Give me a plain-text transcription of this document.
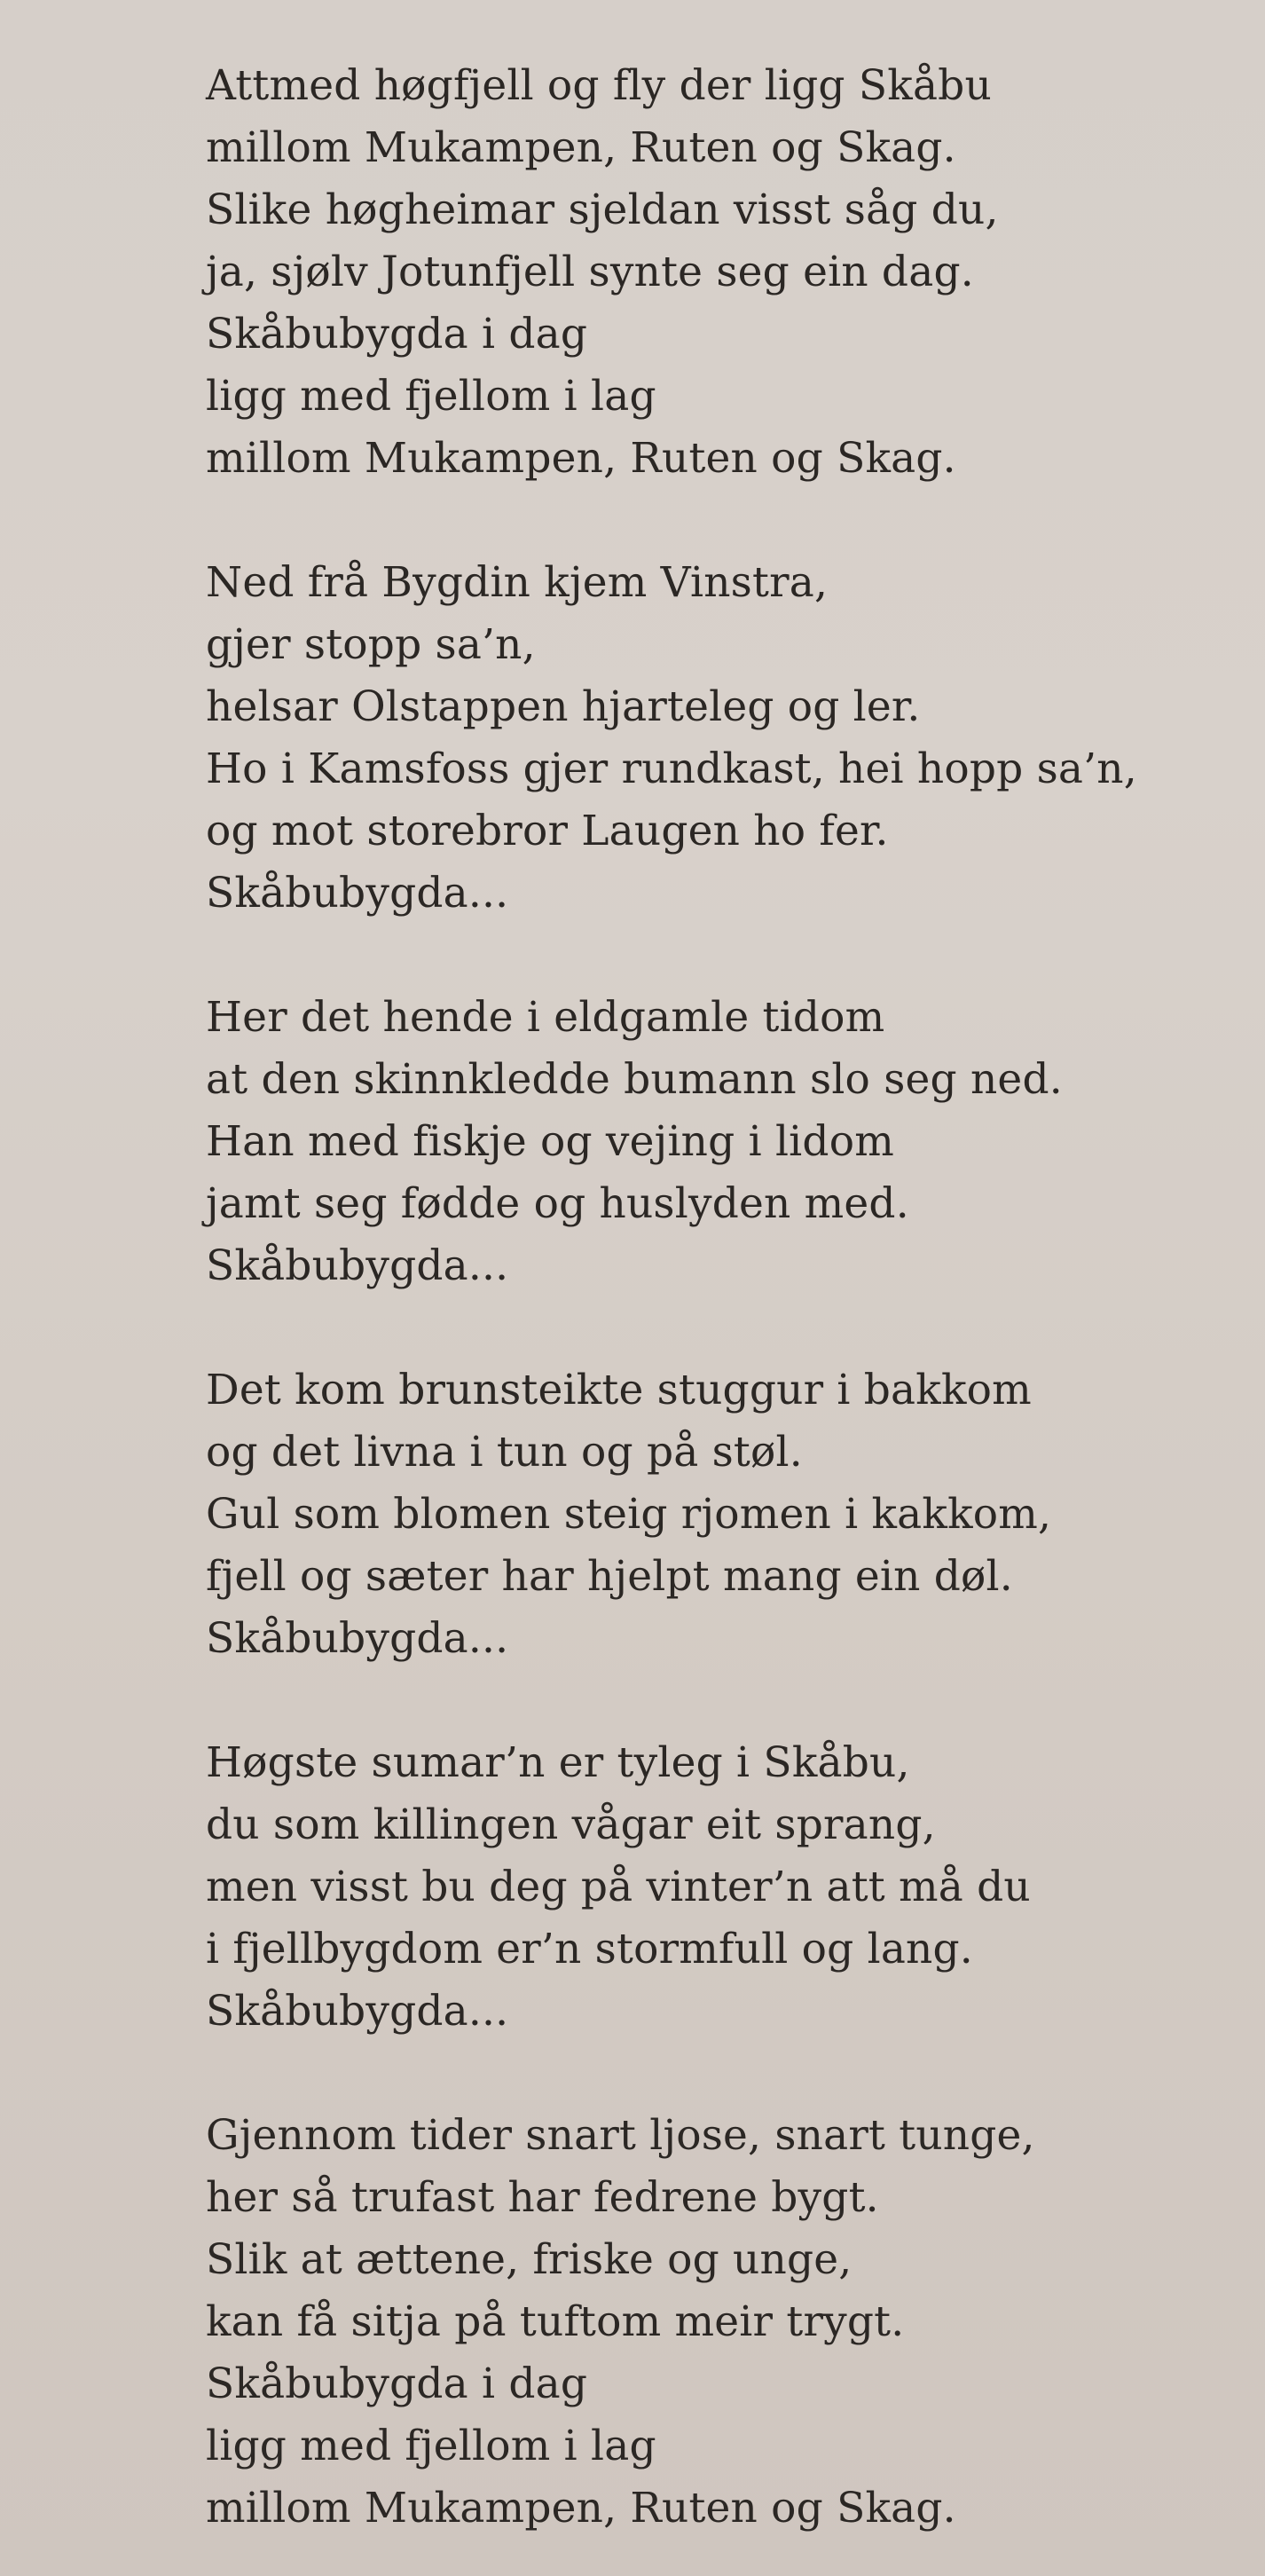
Attmed høgfjell og fly der ligg Skåbu
millom Mukampen, Ruten og Skag.
Slike høgheimar sjeldan visst såg du,
ja, sjølv Jotunfjell synte seg ein dag.
Skåbubygda i dag
ligg med fjellom i lag
millom Mukampen, Ruten og Skag.
Ned frå Bygdin kjem Vinstra,
gjer stopp sa’n,
helsar Olstappen hjarteleg og ler.
Ho i Kamsfoss gjer rundkast, hei hopp sa’n,
og mot storebror Laugen ho fer.
Skåbubygda...
Her det hende i eldgamle tidom
at den skinnkledde bumann slo seg ned.
Han med fiskje og vejing i lidom
jamt seg fødde og huslyden med.
Skåbubygda...
Det kom brunsteikte stuggur i bakkom
og det livna i tun og på støl.
Gul som blomen steig rjomen i kakkom,
fjell og sæter har hjelpt mang ein døl.
Skåbubygda...
Høgste sumar’n er tyleg i Skåbu,
du som killingen vågar eit sprang,
men visst bu deg på vinter’n att må du
i fjellbygdom er’n stormfull og lang.
Skåbubygda...
Gjennom tider snart ljose, snart tunge,
her så trufast har fedrene bygt.
Slik at ættene, friske og unge,
kan få sitja på tuftom meir trygt.
Skåbubygda i dag
ligg med fjellom i lag
millom Mukampen, Ruten og Skag.
